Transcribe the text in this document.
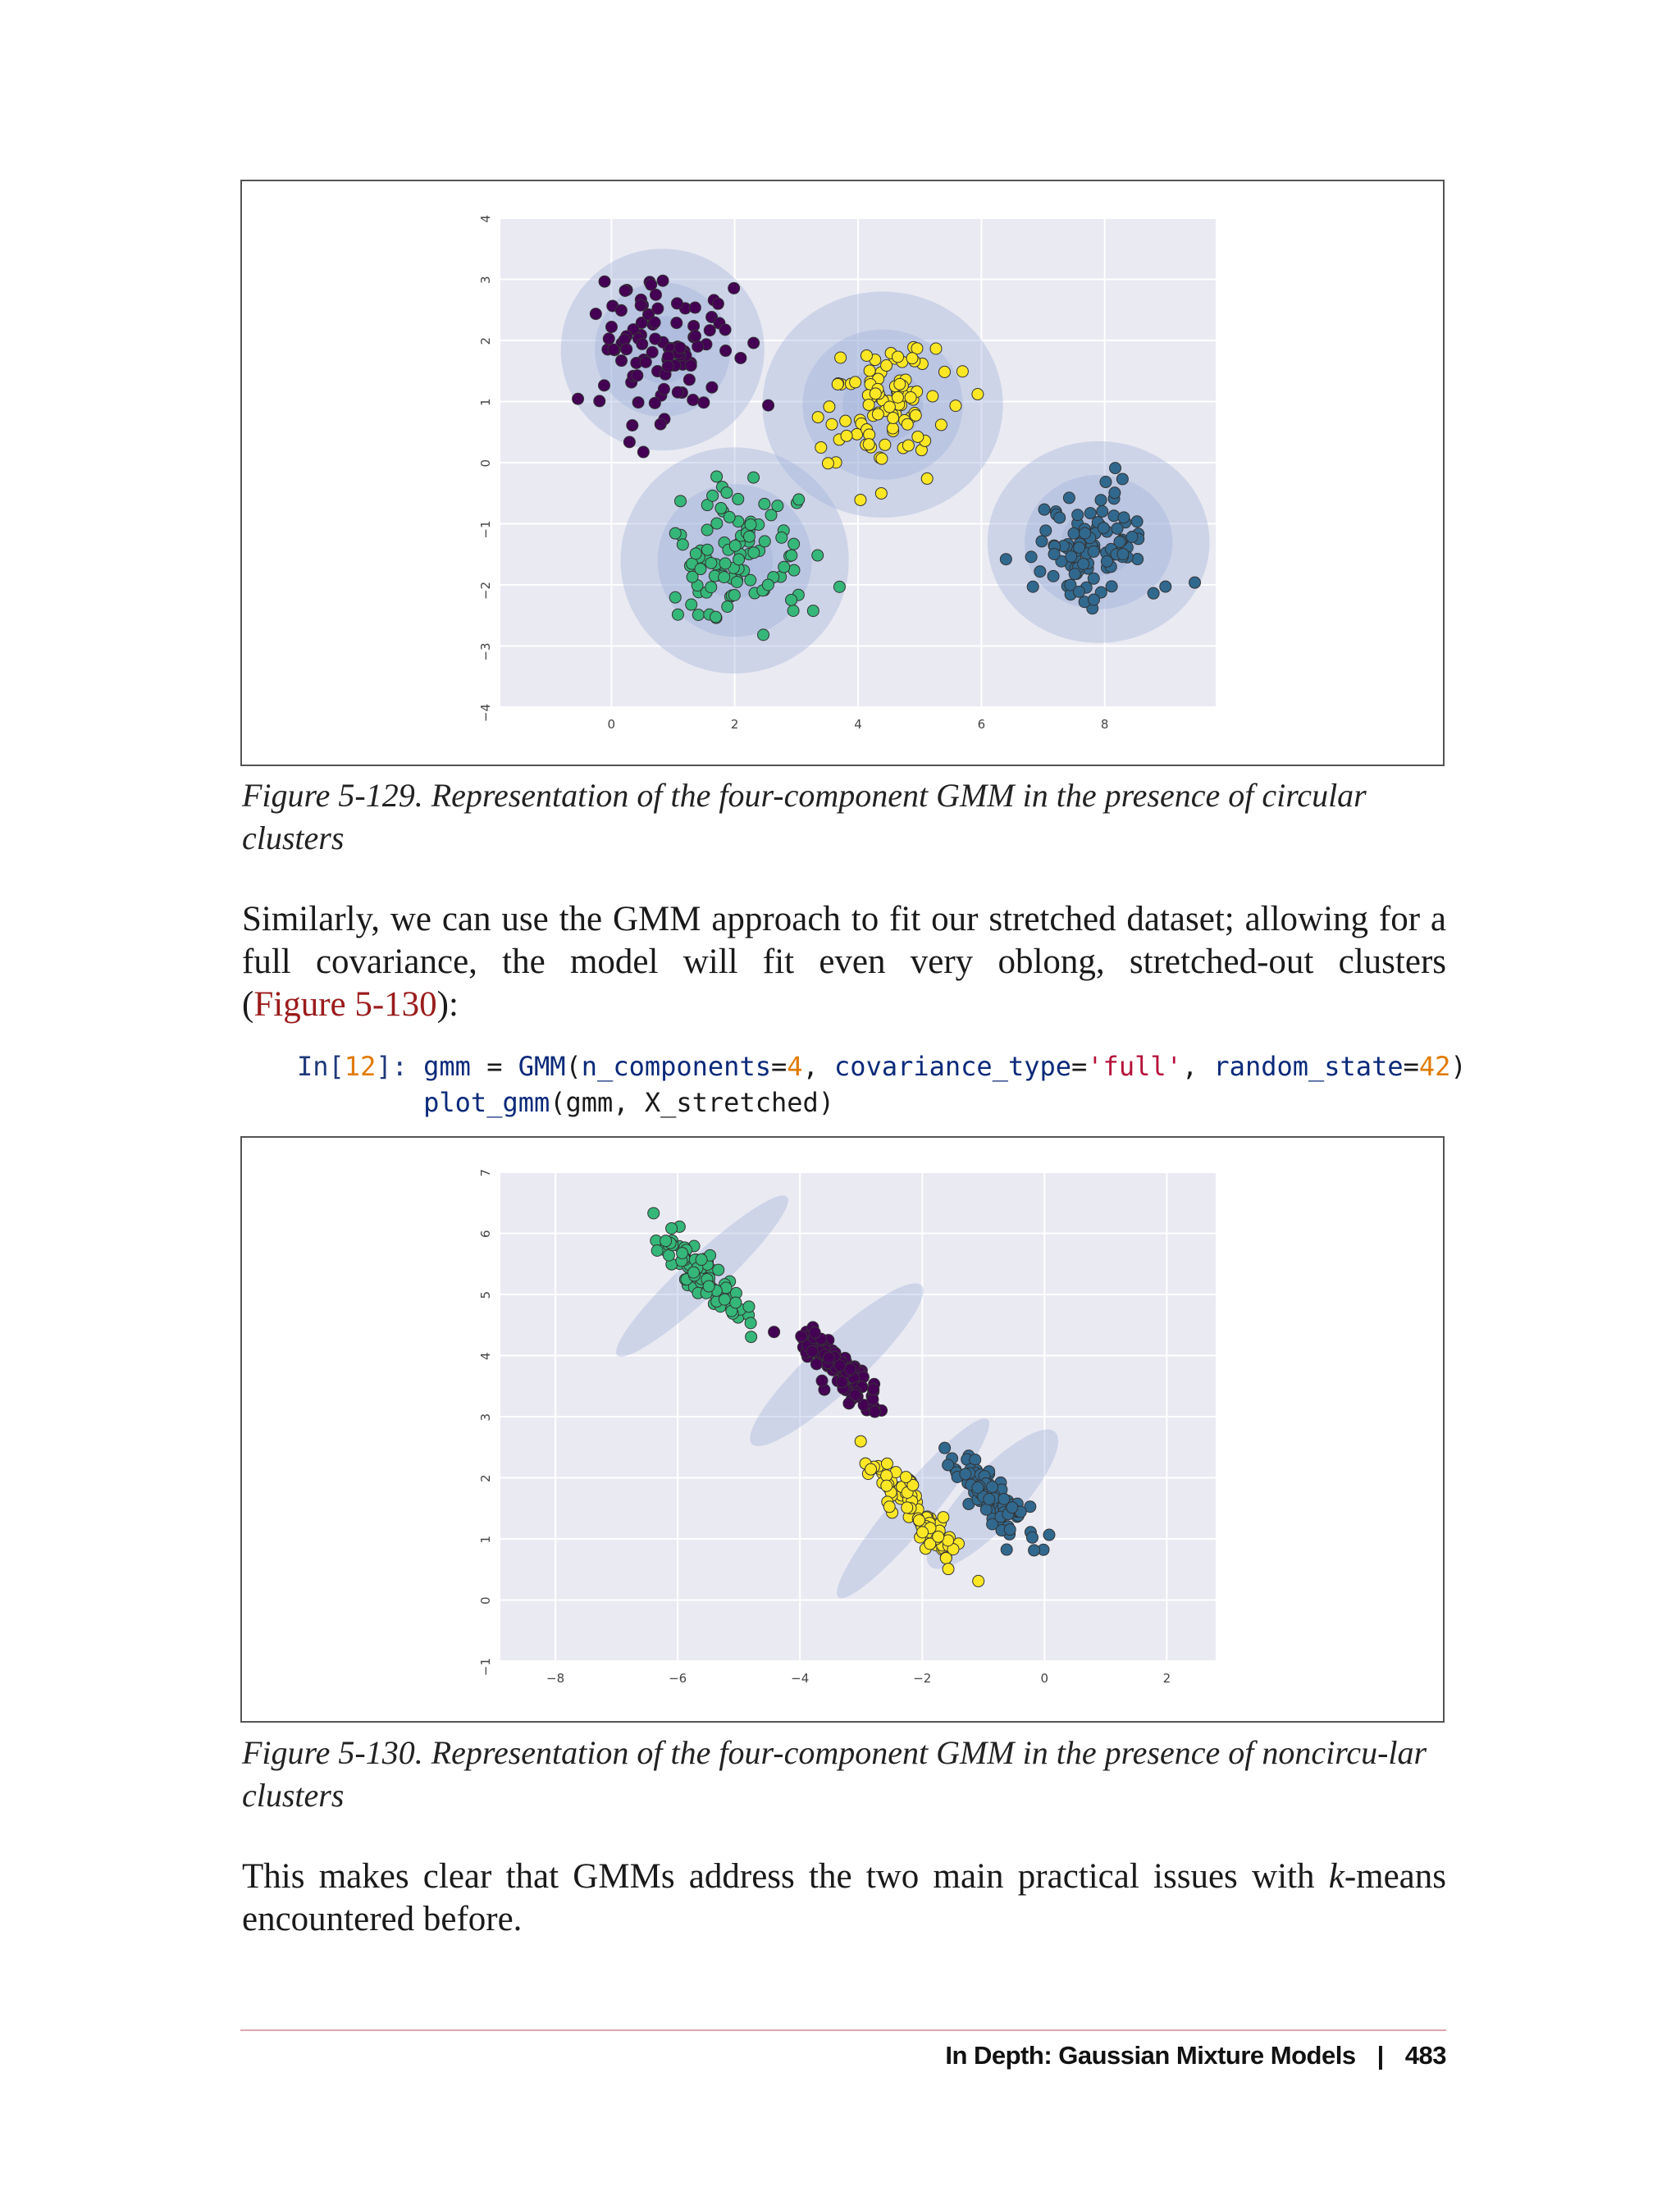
0	2	4	6	8
4
3
2
1
0
−1
−2
−3
−4
Figure 5-129. Representation of the four-component GMM in the presence of circular clusters
Similarly, we can use the GMM approach to fit our stretched dataset; allowing for a
full covariance, the model will fit even very oblong, stretched-out clusters
(Figure 5-130):
In[12]: gmm = GMM(n_components=4, covariance_type='full', random_state=42)
plot_gmm(gmm, X_stretched)
−8	−6	−4	−2	0	2
7
6
5
4
3
2
1
0
−1
Figure 5-130. Representation of the four-component GMM in the presence of noncircu-lar clusters
This makes clear that GMMs address the two main practical issues with k-means
encountered before.
In Depth: Gaussian Mixture Models | 483
